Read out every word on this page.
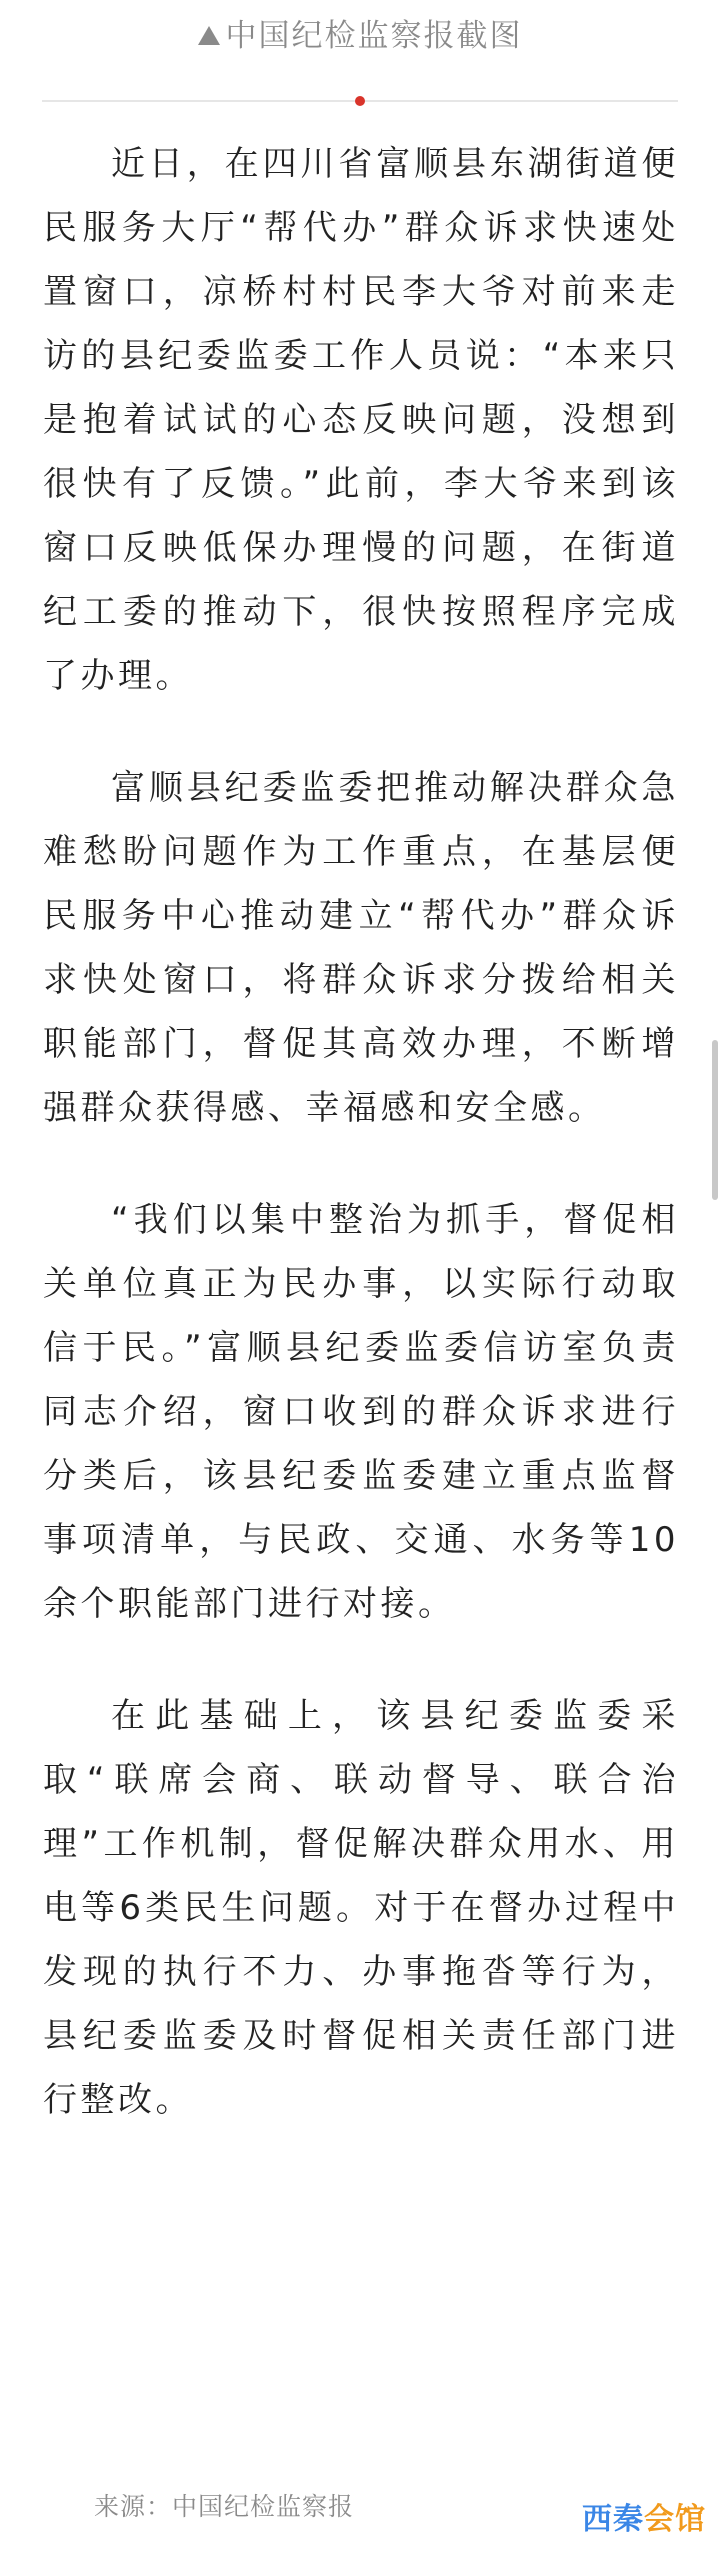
中国纪检监察报截图

近日，在四川省富顺县东湖街道便民服务大厅“帮代办”群众诉求快速处置窗口，凉桥村村民李大爷对前来走访的县纪委监委工作人员说：“本来只是抱着试试的心态反映问题，没想到很快有了反馈。”此前，李大爷来到该窗口反映低保办理慢的问题，在街道纪工委的推动下，很快按照程序完成了办理。

富顺县纪委监委把推动解决群众急难愁盼问题作为工作重点，在基层便民服务中心推动建立“帮代办”群众诉求快处窗口，将群众诉求分拨给相关职能部门，督促其高效办理，不断增强群众获得感、幸福感和安全感。

“我们以集中整治为抓手，督促相关单位真正为民办事，以实际行动取信于民。”富顺县纪委监委信访室负责同志介绍，窗口收到的群众诉求进行分类后，该县纪委监委建立重点监督事项清单，与民政、交通、水务等10余个职能部门进行对接。

在此基础上，该县纪委监委采取“联席会商、联动督导、联合治理”工作机制，督促解决群众用水、用电等6类民生问题。对于在督办过程中发现的执行不力、办事拖沓等行为，县纪委监委及时督促相关责任部门进行整改。

来源：中国纪检监察报	西秦会馆
